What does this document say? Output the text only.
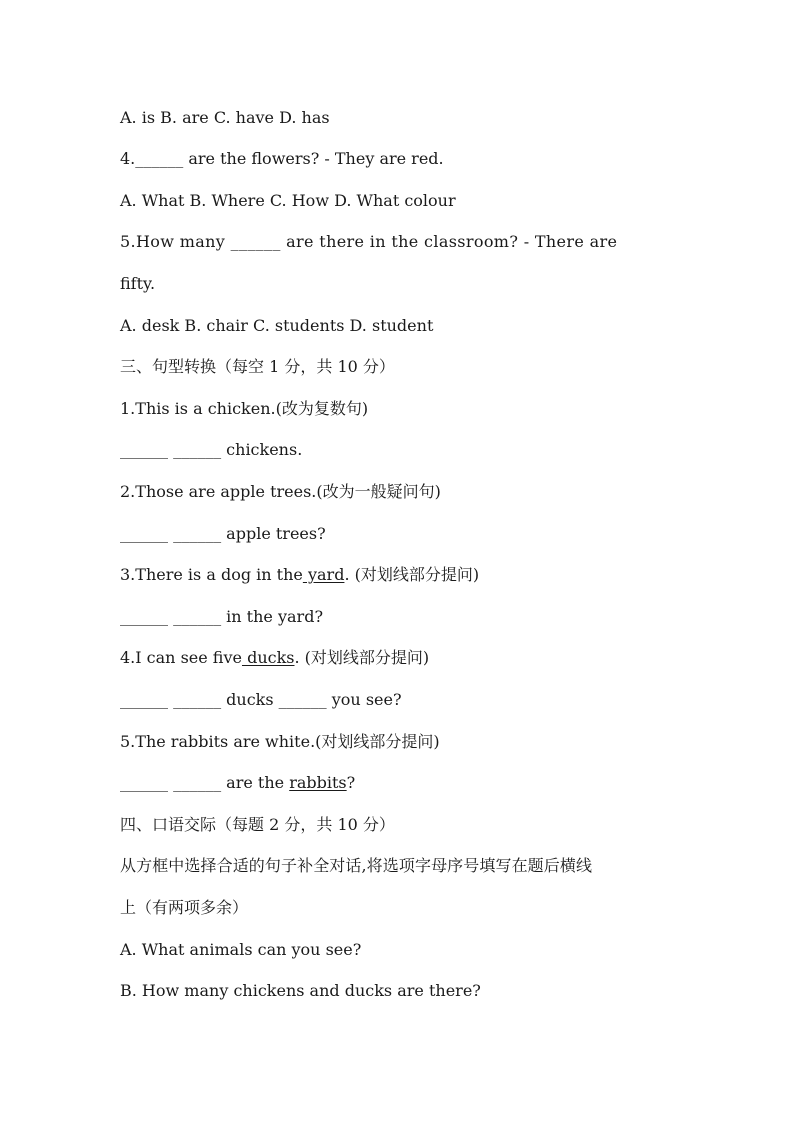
A. is B. are C. have D. has
4.______ are the flowers? - They are red.
A. What B. Where C. How D. What colour
5.How many ______ are there in the classroom? - There are
fifty.
A. desk B. chair C. students D. student
三、句型转换（每空 1 分，共 10 分）
1.This is a chicken.(改为复数句)
______ ______ chickens.
2.Those are apple trees.(改为一般疑问句)
______ ______ apple trees?
3.There is a dog in the yard. (对划线部分提问)
______ ______ in the yard?
4.I can see five ducks. (对划线部分提问)
______ ______ ducks ______ you see?
5.The rabbits are white.(对划线部分提问)
______ ______ are the rabbits?
四、口语交际（每题 2 分，共 10 分）
从方框中选择合适的句子补全对话,将选项字母序号填写在题后横线
上（有两项多余）
A. What animals can you see?
B. How many chickens and ducks are there?
